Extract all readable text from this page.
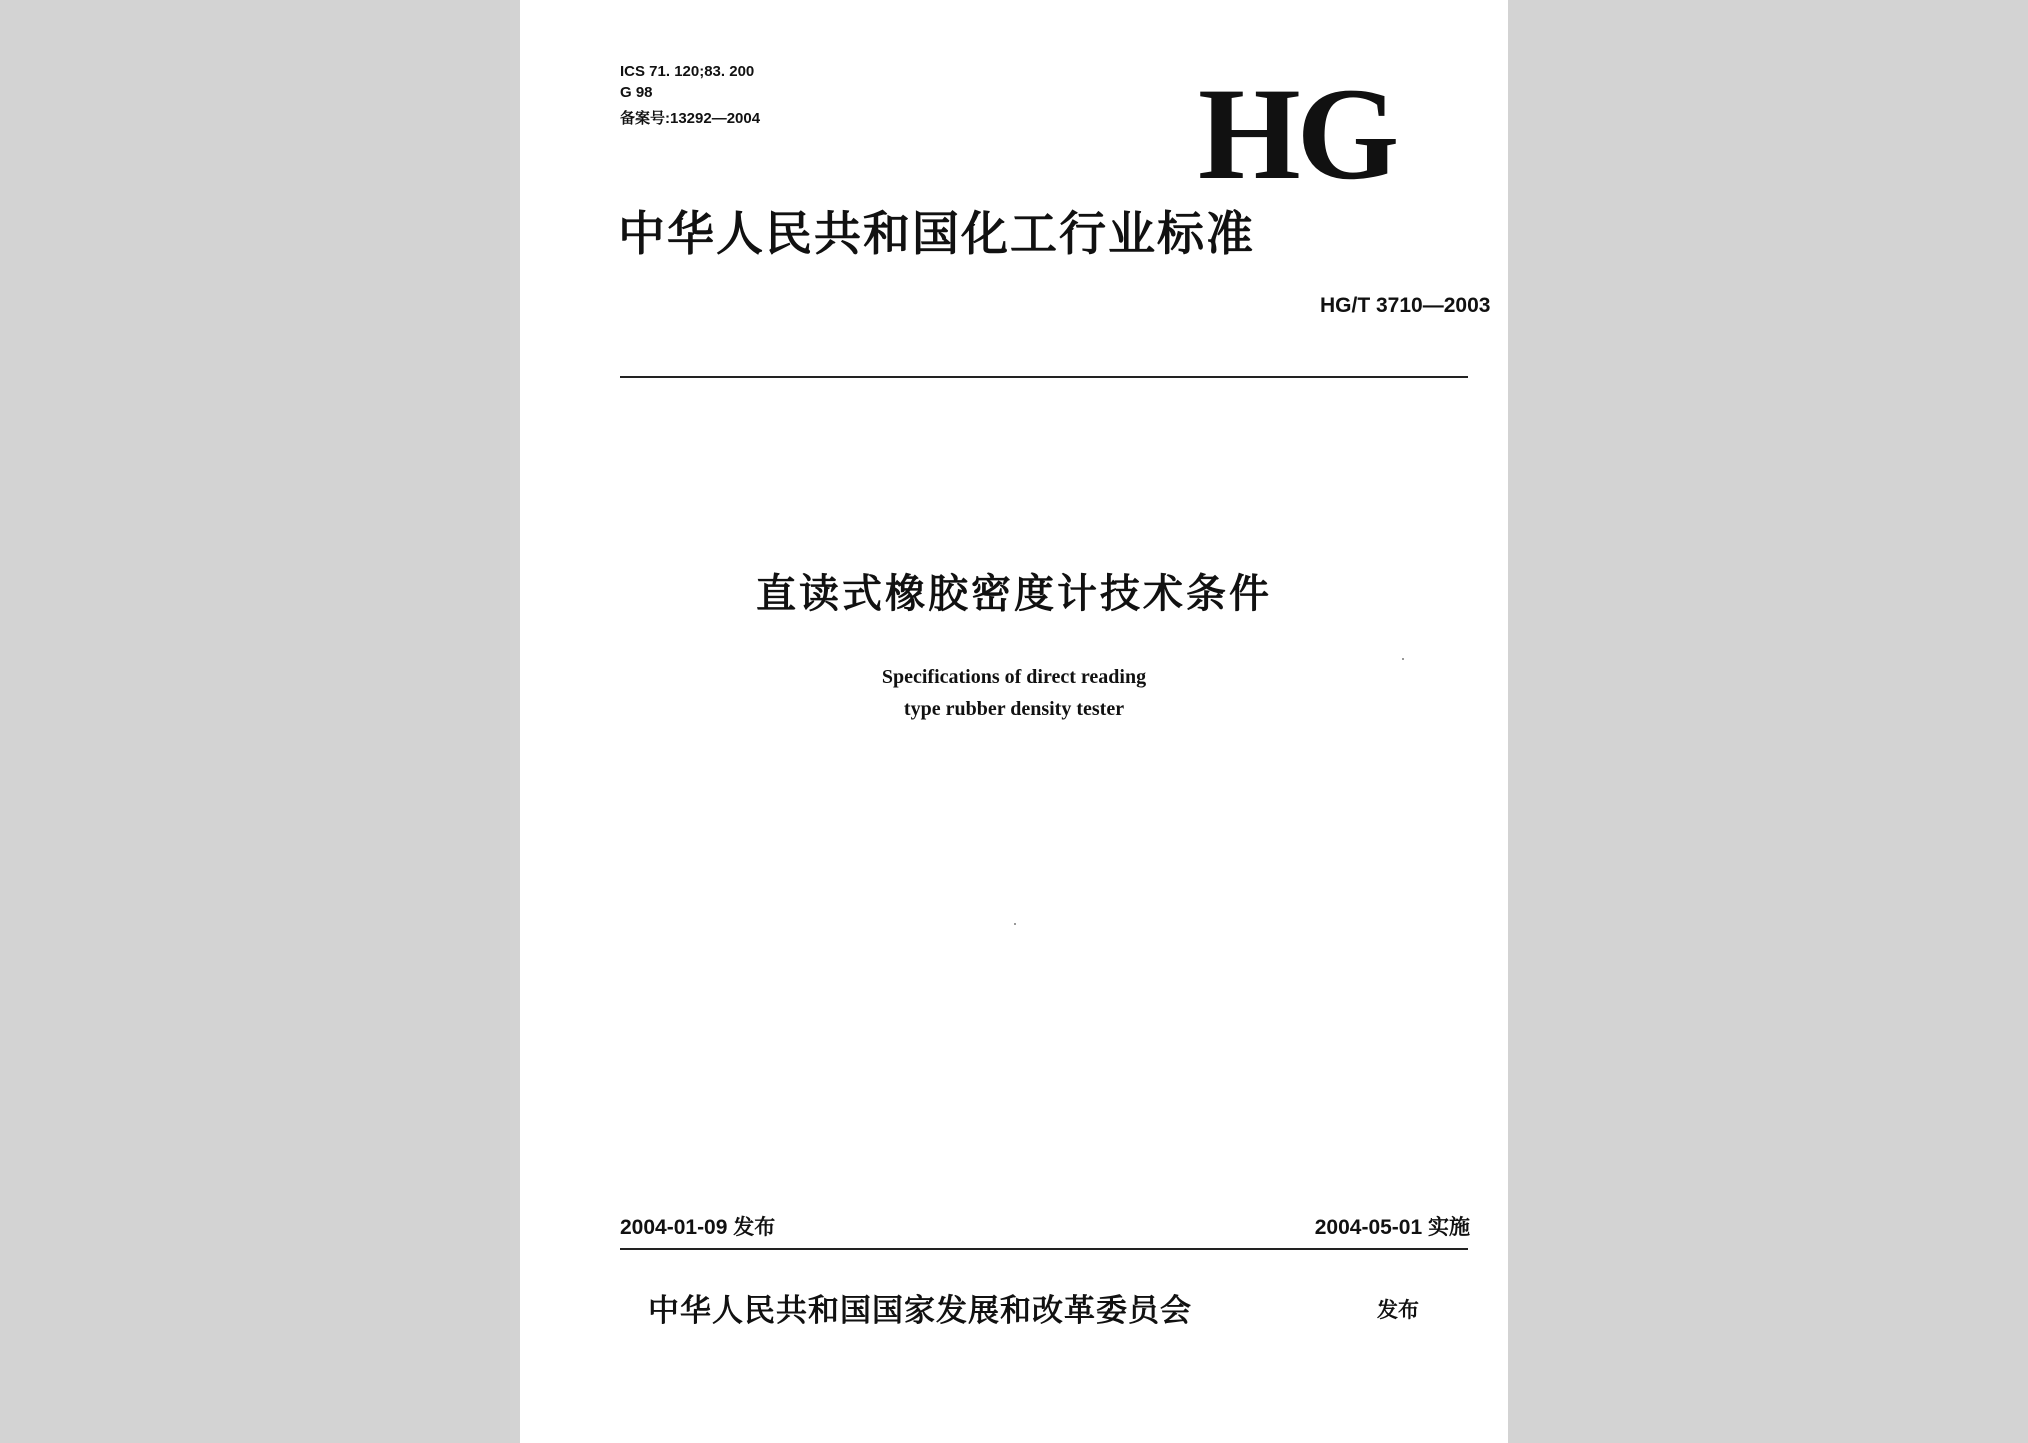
ICS 71. 120;83. 200
G 98
备案号:13292—2004	HG
中华人民共和国化工行业标准
HG/T 3710—2003
直读式橡胶密度计技术条件
Specifications of direct reading
type rubber density tester
2004-01-09 发布	2004-05-01 实施
中华人民共和国国家发展和改革委员会	发布
